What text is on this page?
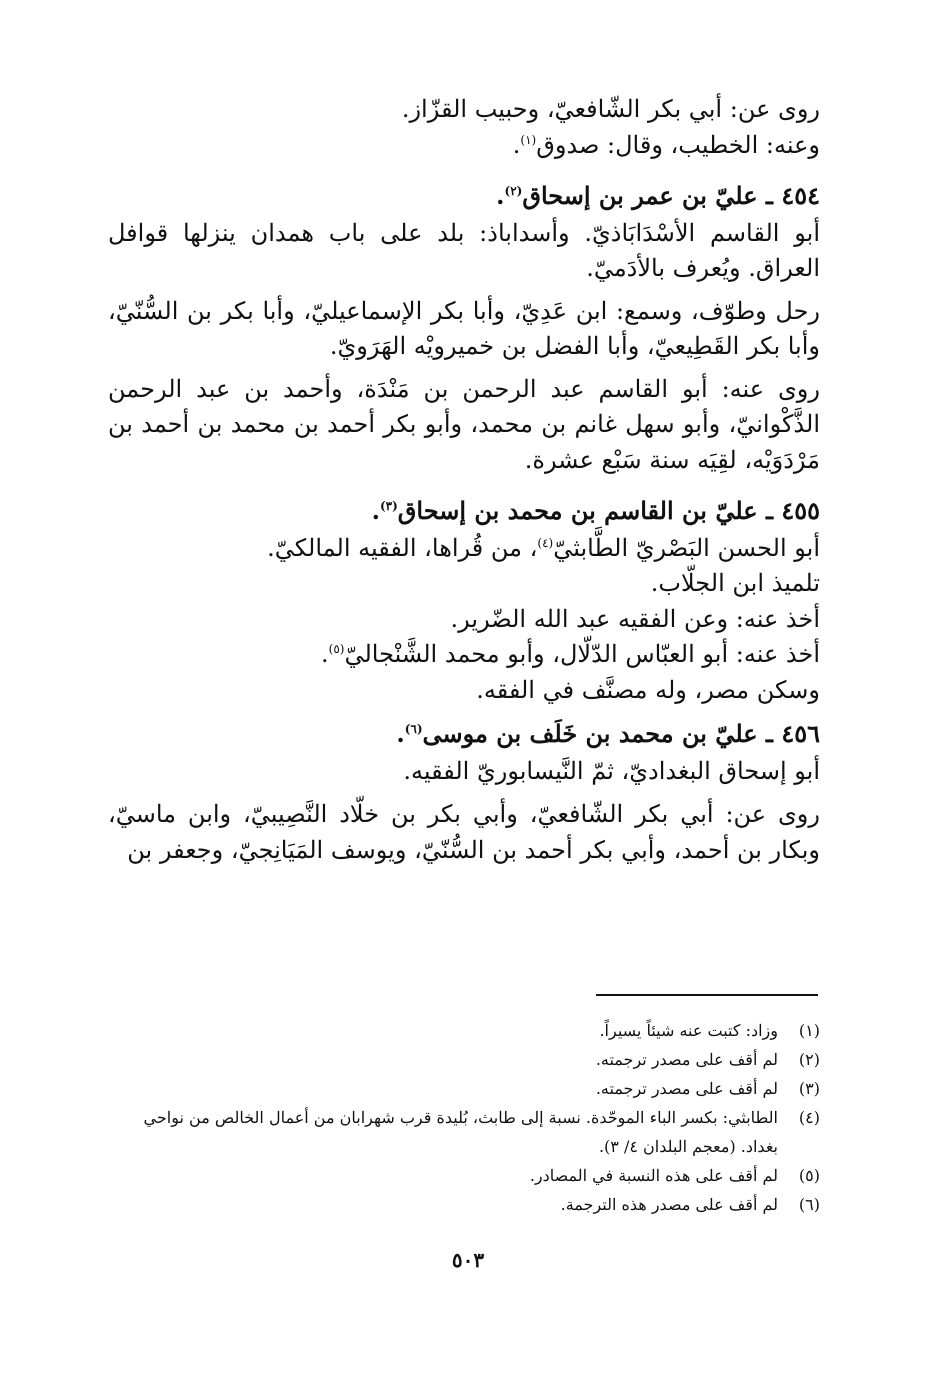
روى عن: أبي بكر الشّافعيّ، وحبيب القزّاز.
وعنه: الخطيب، وقال: صدوق$^{(١)}$.
٤٥٤ ـ عليّ بن عمر بن إسحاق$^{(٢)}$.

أبو القاسم الأسْدَابَاذيّ. وأسداباذ: بلد على باب همدان ينزلها قوافل العراق. ويُعرف بالأدَميّ.

رحل وطوّف، وسمع: ابن عَدِيّ، وأبا بكر الإسماعيليّ، وأبا بكر بن السُّنّيّ، وأبا بكر القَطِيعيّ، وأبا الفضل بن خميرويْه الهَرَويّ.

روى عنه: أبو القاسم عبد الرحمن بن مَنْدَة، وأحمد بن عبد الرحمن الذَّكْوانيّ، وأبو سهل غانم بن محمد، وأبو بكر أحمد بن محمد بن أحمد بن مَرْدَوَيْه، لقِيَه سنة سَبْع عشرة.

٤٥٥ ـ عليّ بن القاسم بن محمد بن إسحاق$^{(٣)}$.
أبو الحسن البَصْريّ الطَّابثيّ$^{(٤)}$، من قُراها، الفقيه المالكيّ.
تلميذ ابن الجلّاب.
أخذ عنه: وعن الفقيه عبد الله الضّرير.
أخذ عنه: أبو العبّاس الدّلّال، وأبو محمد الشَّنْجاليّ$^{(٥)}$.
وسكن مصر، وله مصنَّف في الفقه.
٤٥٦ ـ عليّ بن محمد بن خَلَف بن موسى$^{(٦)}$.
أبو إسحاق البغداديّ، ثمّ النَّيسابوريّ الفقيه.

روى عن: أبي بكر الشّافعيّ، وأبي بكر بن خلّاد النَّصِيبيّ، وابن ماسيّ، وبكار بن أحمد، وأبي بكر أحمد بن السُّنّيّ، ويوسف المَيَانِجيّ، وجعفر بن

(١)
وزاد: كتبت عنه شيئاً يسيراً.
(٢)
لم أقف على مصدر ترجمته.
(٣)
لم أقف على مصدر ترجمته.
(٤)
الطابثي: بكسر الباء الموحّدة. نسبة إلى طابث، بُليدة قرب شهرابان من أعمال الخالص من نواحي بغداد. (معجم البلدان ٤/ ٣).
(٥)
لم أقف على هذه النسبة في المصادر.
(٦)
لم أقف على مصدر هذه الترجمة.
٥٠٣
